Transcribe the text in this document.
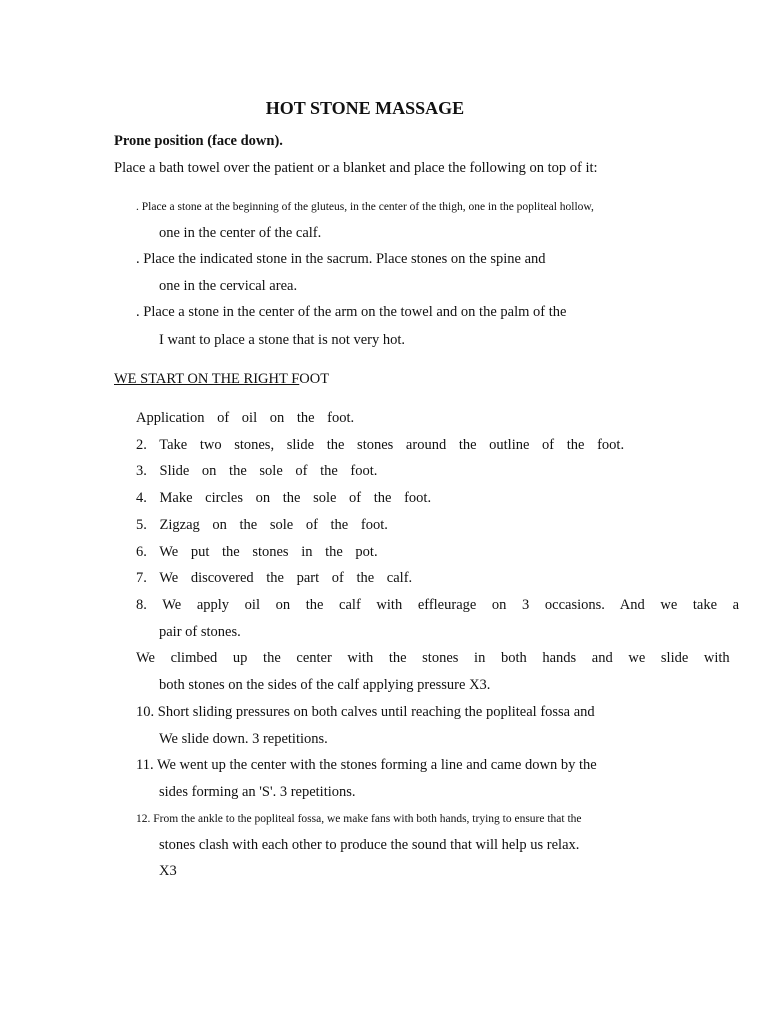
HOT STONE MASSAGE
Prone position (face down).
Place a bath towel over the patient or a blanket and place the following on top of it:
. Place a stone at the beginning of the gluteus, in the center of the thigh, one in the popliteal hollow,
one in the center of the calf.
. Place the indicated stone in the sacrum. Place stones on the spine and
one in the cervical area.
. Place a stone in the center of the arm on the towel and on the palm of the
I want to place a stone that is not very hot.
WE START ON THE RIGHT FOOT
Application of oil on the foot.
2. Take two stones, slide the stones around the outline of the foot.
3. Slide on the sole of the foot.
4. Make circles on the sole of the foot.
5. Zigzag on the sole of the foot.
6. We put the stones in the pot.
7. We discovered the part of the calf.
8. We apply oil on the calf with effleurage on 3 occasions. And we take a
pair of stones.
We climbed up the center with the stones in both hands and we slide with
both stones on the sides of the calf applying pressure X3.
10. Short sliding pressures on both calves until reaching the popliteal fossa and
We slide down. 3 repetitions.
11. We went up the center with the stones forming a line and came down by the
sides forming an 'S'. 3 repetitions.
12. From the ankle to the popliteal fossa, we make fans with both hands, trying to ensure that the
stones clash with each other to produce the sound that will help us relax.
X3
